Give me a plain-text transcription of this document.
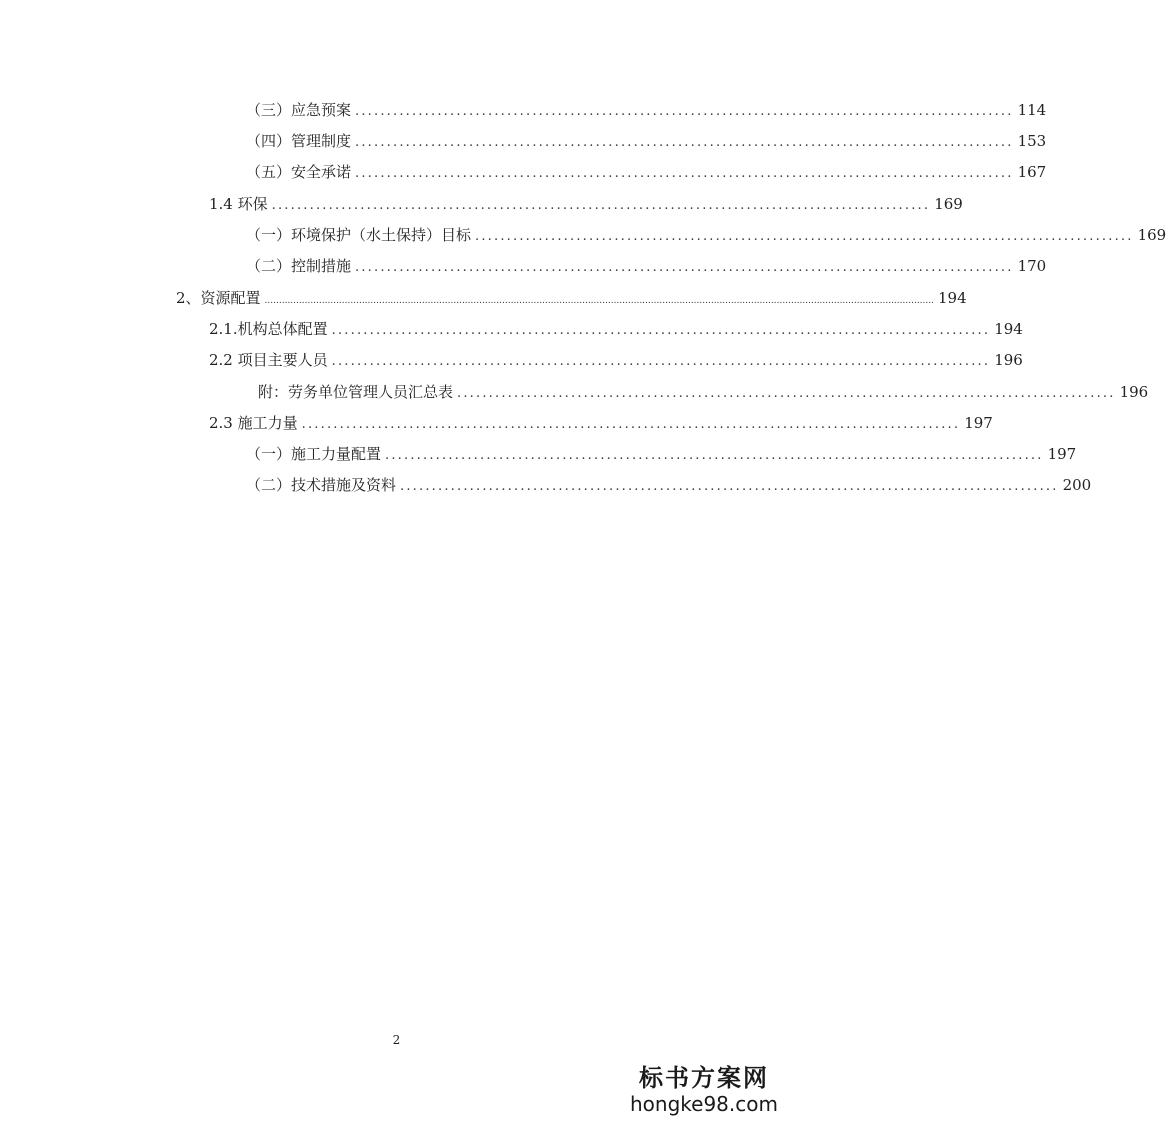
（三）应急预案 ........................................................................................................ 114
（四）管理制度 ........................................................................................................ 153
（五）安全承诺 ........................................................................................................ 167
1.4 环保 ........................................................................................................ 169
（一）环境保护（水土保持）目标 ........................................................................................................ 169
（二）控制措施 ........................................................................................................ 170
2、资源配置 .......................................................................................................................................................................................................................................... 194
2.1.机构总体配置 ........................................................................................................ 194
2.2 项目主要人员 ........................................................................................................ 196
附：劳务单位管理人员汇总表 ........................................................................................................ 196
2.3 施工力量 ........................................................................................................ 197
（一）施工力量配置 ........................................................................................................ 197
（二）技术措施及资料 ........................................................................................................ 200
2
标书方案网
hongke98.com
